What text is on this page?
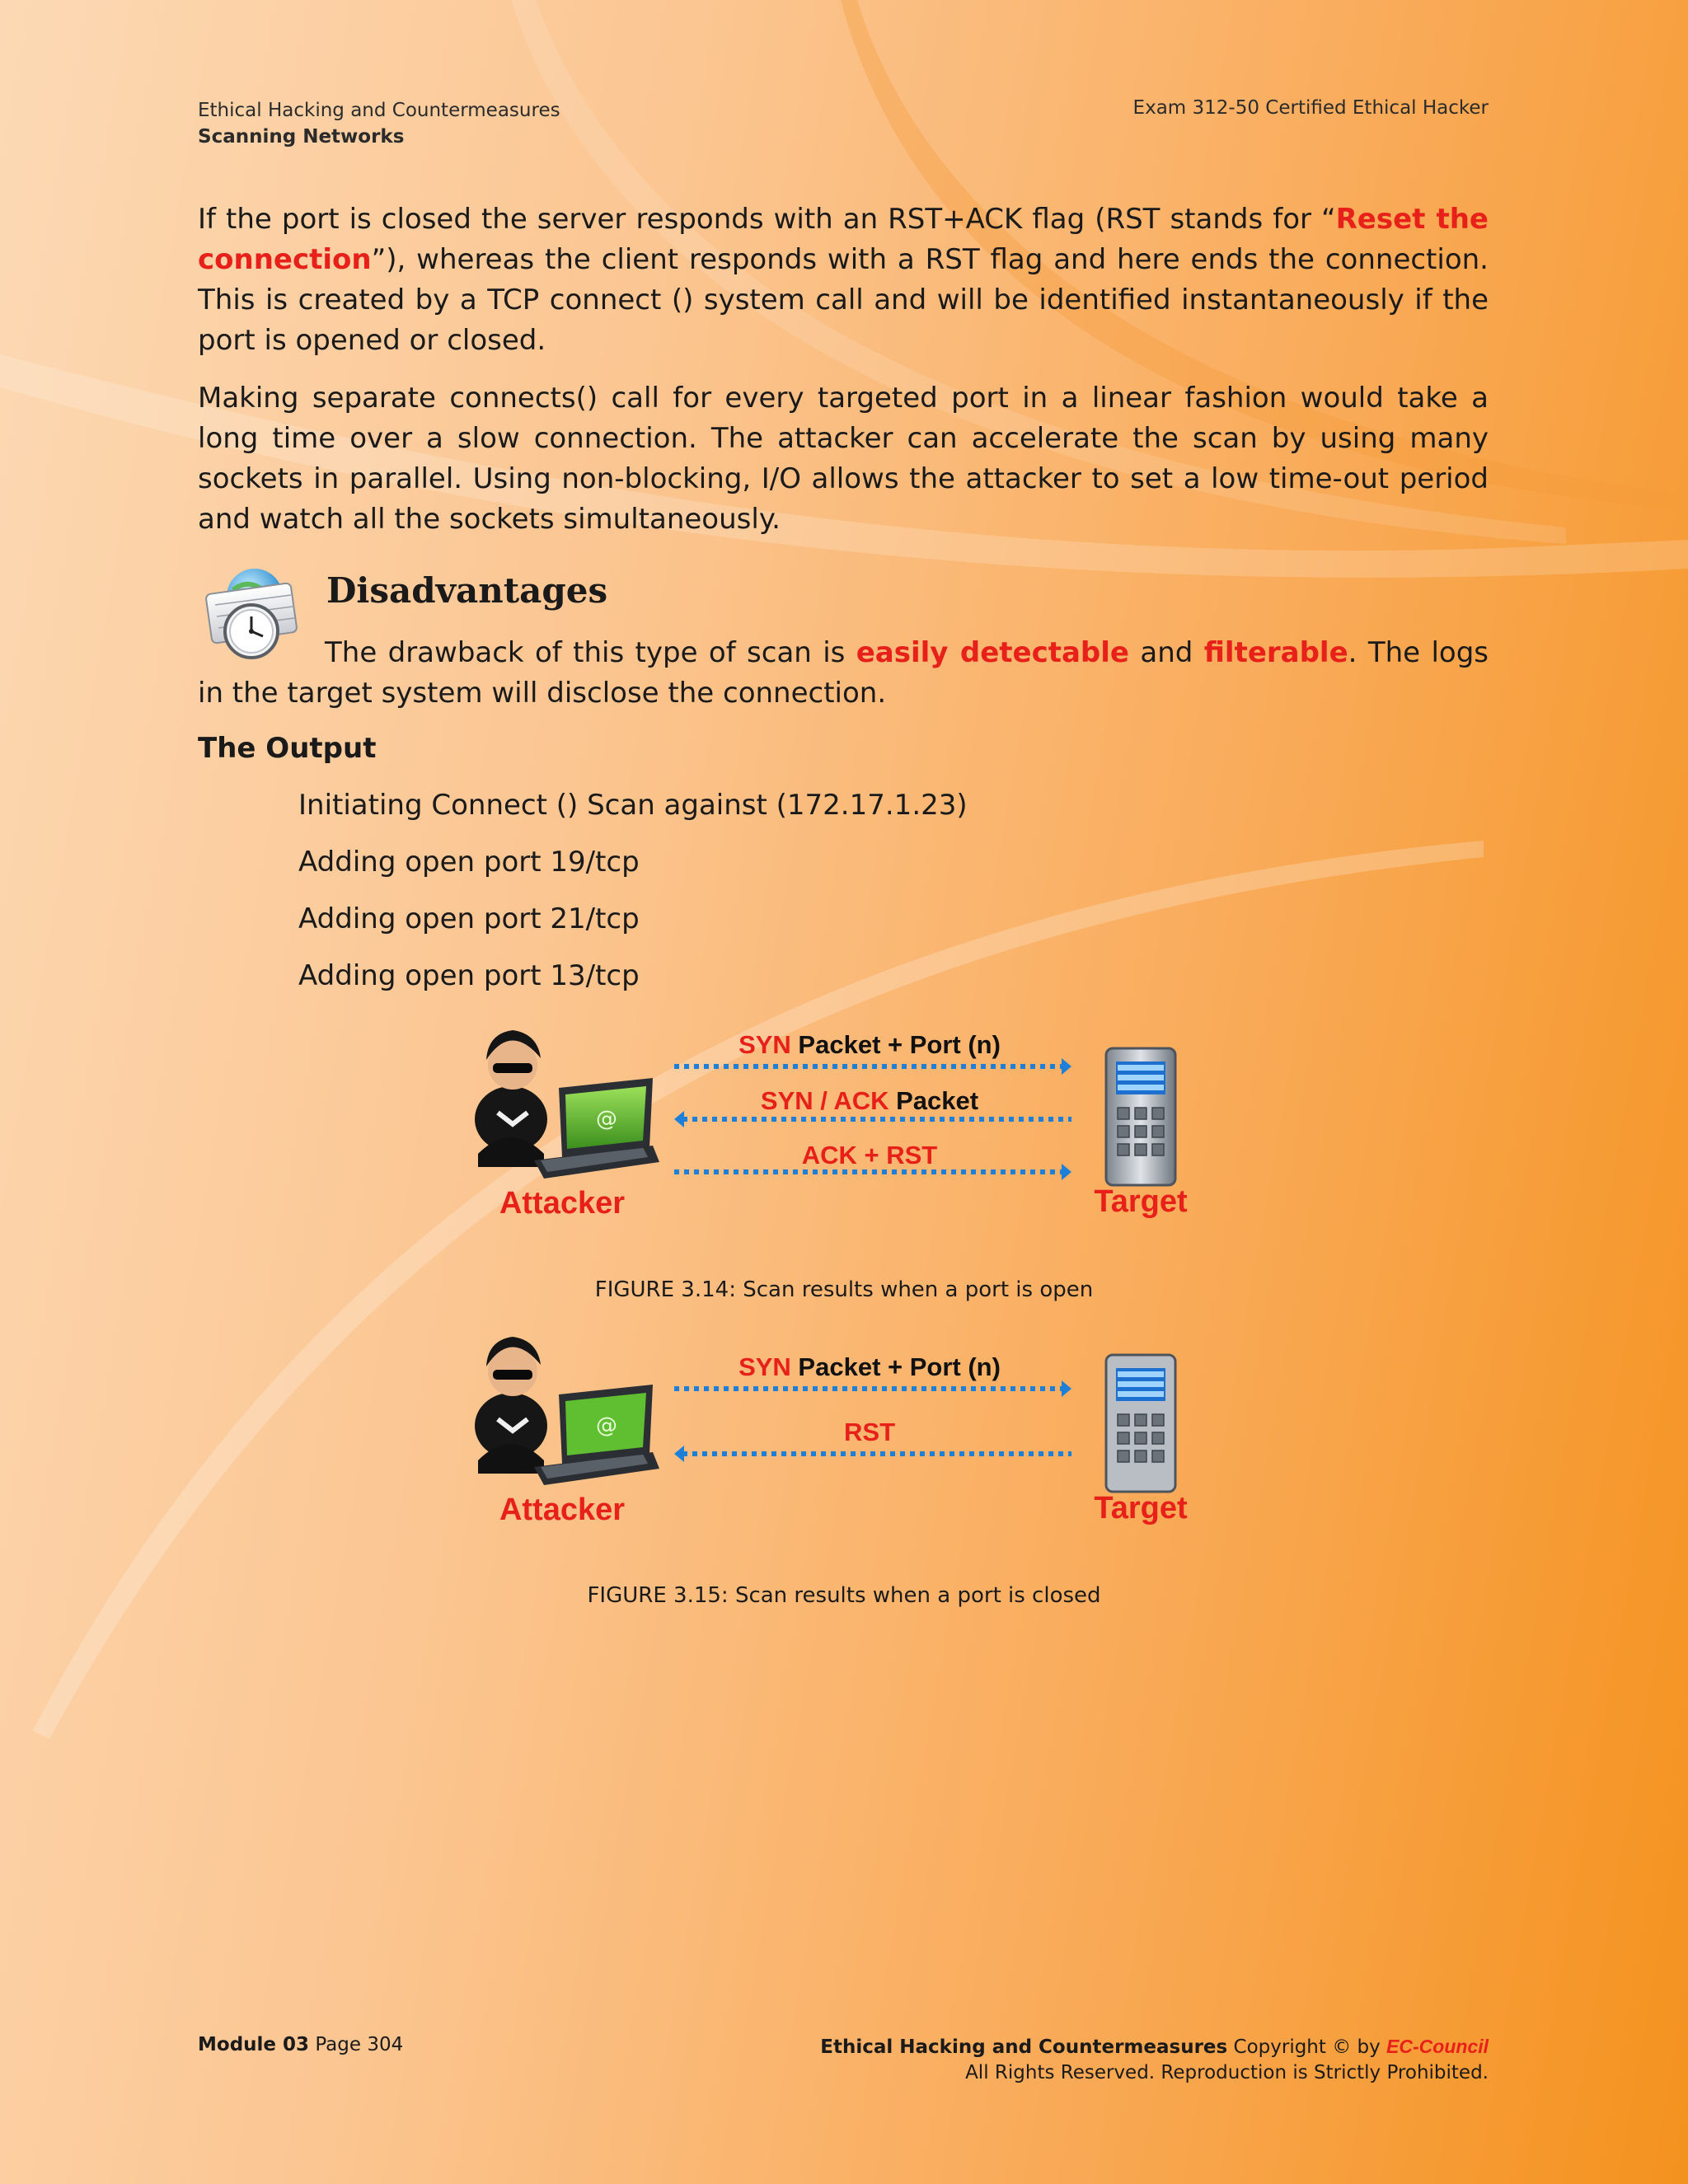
Ethical Hacking and Countermeasures
Scanning Networks
Exam 312-50 Certified Ethical Hacker

If the port is closed the server responds with an RST+ACK flag (RST stands for “Reset the connection”), whereas the client responds with a RST flag and here ends the connection. This is created by a TCP connect () system call and will be identified instantaneously if the port is opened or closed.

Making separate connects() call for every targeted port in a linear fashion would take a long time over a slow connection. The attacker can accelerate the scan by using many sockets in parallel. Using non-blocking, I/O allows the attacker to set a low time-out period and watch all the sockets simultaneously.

Disadvantages

The drawback of this type of scan is easily detectable and filterable. The logs in the target system will disclose the connection.

The Output

Initiating Connect () Scan against (172.17.1.23)
Adding open port 19/tcp
Adding open port 21/tcp
Adding open port 13/tcp
@
Attacker	Target
SYN Packet + Port (n)
SYN / ACK Packet
ACK + RST
FIGURE 3.14: Scan results when a port is open
@
Attacker	Target
SYN Packet + Port (n)
RST
FIGURE 3.15: Scan results when a port is closed
Module 03 Page 304	Ethical Hacking and Countermeasures Copyright © by EC-Council
All Rights Reserved. Reproduction is Strictly Prohibited.
